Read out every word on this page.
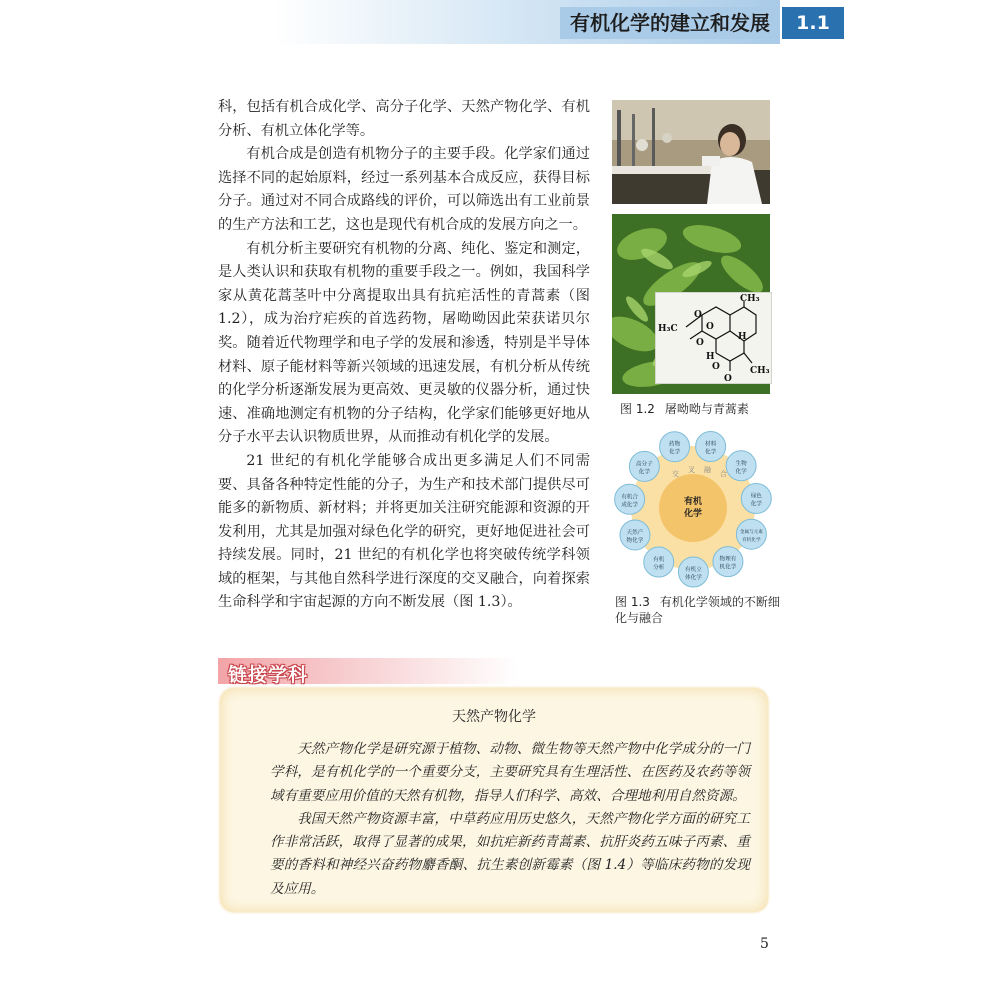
有机化学的建立和发展	1.1

科，包括有机合成化学、高分子化学、天然产物化学、有机分析、有机立体化学等。

有机合成是创造有机物分子的主要手段。化学家们通过选择不同的起始原料，经过一系列基本合成反应，获得目标分子。通过对不同合成路线的评价，可以筛选出有工业前景的生产方法和工艺，这也是现代有机合成的发展方向之一。

有机分析主要研究有机物的分离、纯化、鉴定和测定，是人类认识和获取有机物的重要手段之一。例如，我国科学家从黄花蒿茎叶中分离提取出具有抗疟活性的青蒿素（图 1.2），成为治疗疟疾的首选药物，屠呦呦因此荣获诺贝尔奖。随着近代物理学和电子学的发展和渗透，特别是半导体材料、原子能材料等新兴领域的迅速发展，有机分析从传统的化学分析逐渐发展为更高效、更灵敏的仪器分析，通过快速、准确地测定有机物的分子结构，化学家们能够更好地从分子水平去认识物质世界，从而推动有机化学的发展。

21 世纪的有机化学能够合成出更多满足人们不同需要、具备各种特定性能的分子，为生产和技术部门提供尽可能多的新物质、新材料；并将更加关注研究能源和资源的开发利用，尤其是加强对绿色化学的研究，更好地促进社会可持续发展。同时，21 世纪的有机化学也将突破传统学科领域的框架，与其他自然科学进行深度的交叉融合，向着探索生命科学和宇宙起源的方向不断发展（图 1.3）。

CH₃
H₃C
O
O
O
H
H
O
O
CH₃
图 1.2 屠呦呦与青蒿素
有机
化学
交 叉 融 合
材料
化学
生物
化学
绿色
化学
金属与元素
有机化学
物理有
机化学
有机立
体化学
有机
分析
天然产
物化学
有机合
成化学
高分子
化学
药物
化学
图 1.3 有机化学领域的不断细化与融合
链接学科
天然产物化学

天然产物化学是研究源于植物、动物、微生物等天然产物中化学成分的一门学科，是有机化学的一个重要分支，主要研究具有生理活性、在医药及农药等领域有重要应用价值的天然有机物，指导人们科学、高效、合理地利用自然资源。

我国天然产物资源丰富，中草药应用历史悠久，天然产物化学方面的研究工作非常活跃，取得了显著的成果，如抗疟新药青蒿素、抗肝炎药五味子丙素、重要的香料和神经兴奋药物麝香酮、抗生素创新霉素（图 1.4）等临床药物的发现及应用。

5
